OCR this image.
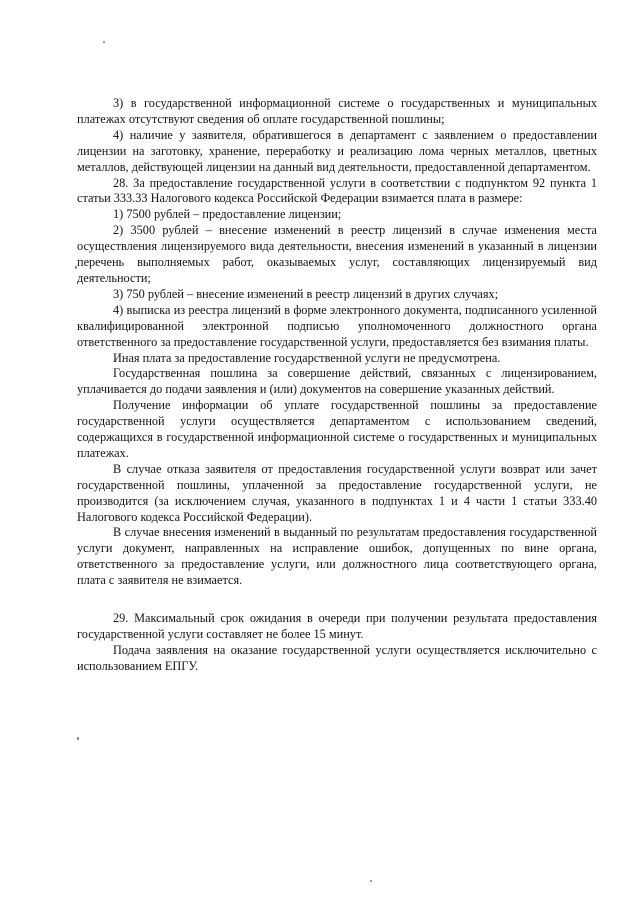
3) в государственной информационной системе о государственных и муниципальных платежах отсутствуют сведения об оплате государственной пошлины;

4) наличие у заявителя, обратившегося в департамент с заявлением о предоставлении лицензии на заготовку, хранение, переработку и реализацию лома черных металлов, цветных металлов, действующей лицензии на данный вид деятельности, предоставленной департаментом.

28. За предоставление государственной услуги в соответствии с подпунктом 92 пункта 1 статьи 333.33 Налогового кодекса Российской Федерации взимается плата в размере:

1) 7500 рублей – предоставление лицензии;

2) 3500 рублей – внесение изменений в реестр лицензий в случае изменения места осуществления лицензируемого вида деятельности, внесения изменений в указанный в лицензии перечень выполняемых работ, оказываемых услуг, составляющих лицензируемый вид деятельности;

3) 750 рублей – внесение изменений в реестр лицензий в других случаях;

4) выписка из реестра лицензий в форме электронного документа, подписанного усиленной квалифицированной электронной подписью уполномоченного должностного органа ответственного за предоставление государственной услуги, предоставляется без взимания платы.

Иная плата за предоставление государственной услуги не предусмотрена.

Государственная пошлина за совершение действий, связанных с лицензированием, уплачивается до подачи заявления и (или) документов на совершение указанных действий.

Получение информации об уплате государственной пошлины за предоставление государственной услуги осуществляется департаментом с использованием сведений, содержащихся в государственной информационной системе о государственных и муниципальных платежах.

В случае отказа заявителя от предоставления государственной услуги возврат или зачет государственной пошлины, уплаченной за предоставление государственной услуги, не производится (за исключением случая, указанного в подпунктах 1 и 4 части 1 статьи 333.40 Налогового кодекса Российской Федерации).

В случае внесения изменений в выданный по результатам предоставления государственной услуги документ, направленных на исправление ошибок, допущенных по вине органа, ответственного за предоставление услуги, или должностного лица соответствующего органа, плата с заявителя не взимается.

29. Максимальный срок ожидания в очереди при получении результата предоставления государственной услуги составляет не более 15 минут.

Подача заявления на оказание государственной услуги осуществляется исключительно с использованием ЕПГУ.
